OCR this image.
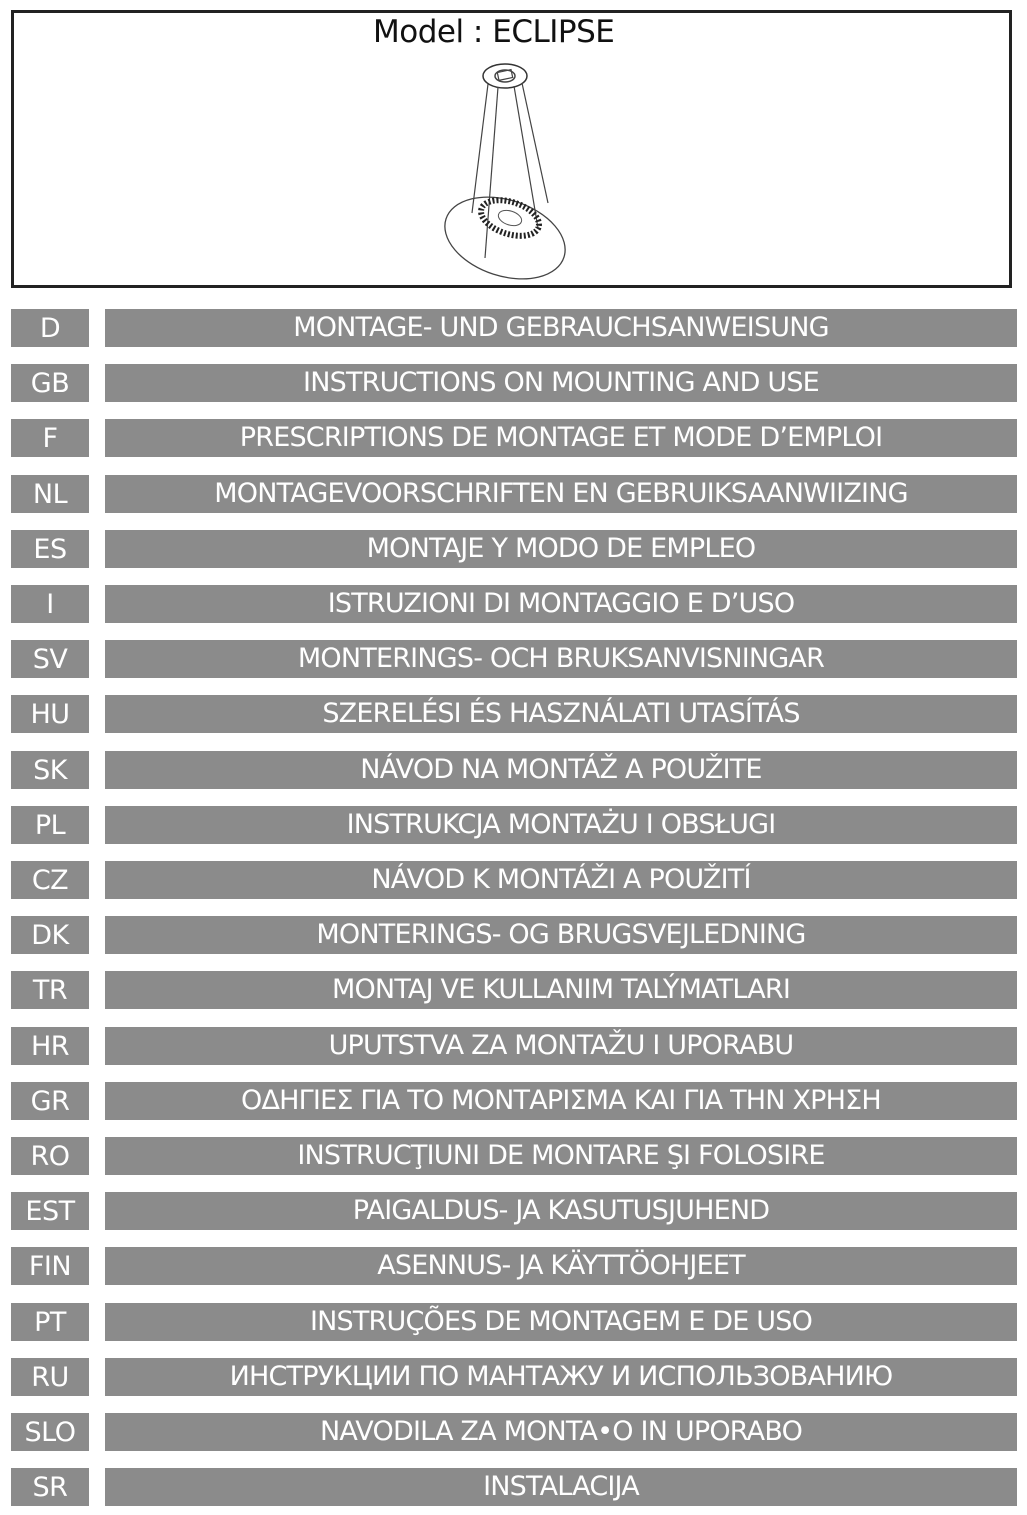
Model : ECLIPSE
D	MONTAGE- UND GEBRAUCHSANWEISUNG
GB	INSTRUCTIONS ON MOUNTING AND USE
F	PRESCRIPTIONS DE MONTAGE ET MODE D’EMPLOI
NL	MONTAGEVOORSCHRIFTEN EN GEBRUIKSAANWIIZING
ES	MONTAJE Y MODO DE EMPLEO
I	ISTRUZIONI DI MONTAGGIO E D’USO
SV	MONTERINGS- OCH BRUKSANVISNINGAR
HU	SZERELÉSI ÉS HASZNÁLATI UTASÍTÁS
SK	NÁVOD NA MONTÁŽ A POUŽITE
PL	INSTRUKCJA MONTAŻU I OBSŁUGI
CZ	NÁVOD K MONTÁŽI A POUŽITÍ
DK	MONTERINGS- OG BRUGSVEJLEDNING
TR	MONTAJ VE KULLANIM TALÝMATLARI
HR	UPUTSTVA ZA MONTAŽU I UPORABU
GR	ΟΔΗΓΙΕΣ ΓΙΑ ΤΟ ΜΟΝΤΑΡΙΣΜΑ ΚΑΙ ΓΙΑ ΤΗΝ ΧΡΗΣΗ
RO	INSTRUCŢIUNI DE MONTARE ŞI FOLOSIRE
EST	PAIGALDUS- JA KASUTUSJUHEND
FIN	ASENNUS- JA KÄYTTÖOHJEET
PT	INSTRUÇÕES DE MONTAGEM E DE USO
RU	ИНСТРУКЦИИ ПО МАНТАЖУ И ИСПОЛЬЗОВАНИЮ
SLO	NAVODILA ZA MONTA•O IN UPORABO
SR	INSTALACIJA
